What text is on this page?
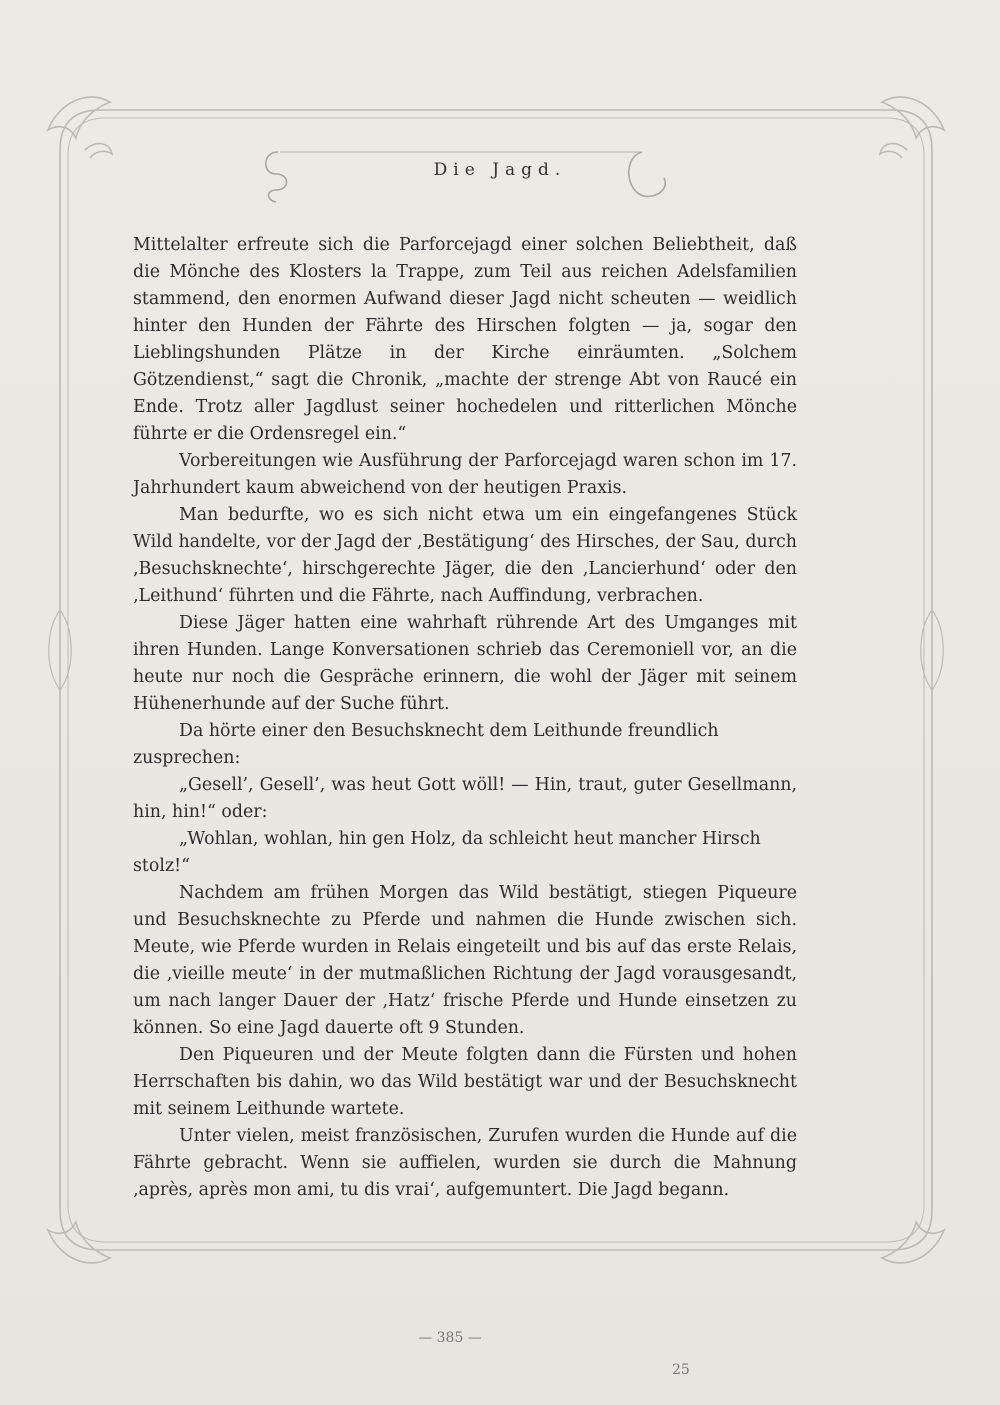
Die Jagd.

Mittelalter erfreute sich die Parforcejagd einer solchen Beliebtheit, daß die Mönche des Klosters la Trappe, zum Teil aus reichen Adelsfamilien stammend, den enormen Aufwand dieser Jagd nicht scheuten — weidlich hinter den Hunden der Fährte des Hirschen folgten — ja, sogar den Lieblingshunden Plätze in der Kirche einräumten. „Solchem Götzendienst,“ sagt die Chronik, „machte der strenge Abt von Raucé ein Ende. Trotz aller Jagdlust seiner hochedelen und ritterlichen Mönche führte er die Ordensregel ein.“

Vorbereitungen wie Ausführung der Parforcejagd waren schon im 17. Jahrhundert kaum abweichend von der heutigen Praxis.

Man bedurfte, wo es sich nicht etwa um ein eingefangenes Stück Wild handelte, vor der Jagd der ‚Bestätigung‘ des Hirsches, der Sau, durch ‚Besuchsknechte‘, hirschgerechte Jäger, die den ‚Lancierhund‘ oder den ‚Leithund‘ führten und die Fährte, nach Auffindung, verbrachen.

Diese Jäger hatten eine wahrhaft rührende Art des Umganges mit ihren Hunden. Lange Konversationen schrieb das Ceremoniell vor, an die heute nur noch die Gespräche erinnern, die wohl der Jäger mit seinem Hühenerhunde auf der Suche führt.

Da hörte einer den Besuchsknecht dem Leithunde freundlich zusprechen:

„Gesell’, Gesell’, was heut Gott wöll! — Hin, traut, guter Gesellmann, hin, hin!“ oder:

„Wohlan, wohlan, hin gen Holz, da schleicht heut mancher Hirsch stolz!“

Nachdem am frühen Morgen das Wild bestätigt, stiegen Piqueure und Besuchsknechte zu Pferde und nahmen die Hunde zwischen sich. Meute, wie Pferde wurden in Relais eingeteilt und bis auf das erste Relais, die ‚vieille meute‘ in der mutmaßlichen Richtung der Jagd vorausgesandt, um nach langer Dauer der ‚Hatz‘ frische Pferde und Hunde einsetzen zu können. So eine Jagd dauerte oft 9 Stunden.

Den Piqueuren und der Meute folgten dann die Fürsten und hohen Herrschaften bis dahin, wo das Wild bestätigt war und der Besuchsknecht mit seinem Leithunde wartete.

Unter vielen, meist französischen, Zurufen wurden die Hunde auf die Fährte gebracht. Wenn sie auffielen, wurden sie durch die Mahnung ‚après, après mon ami, tu dis vrai‘, aufgemuntert. Die Jagd begann.

— 385 —
25
